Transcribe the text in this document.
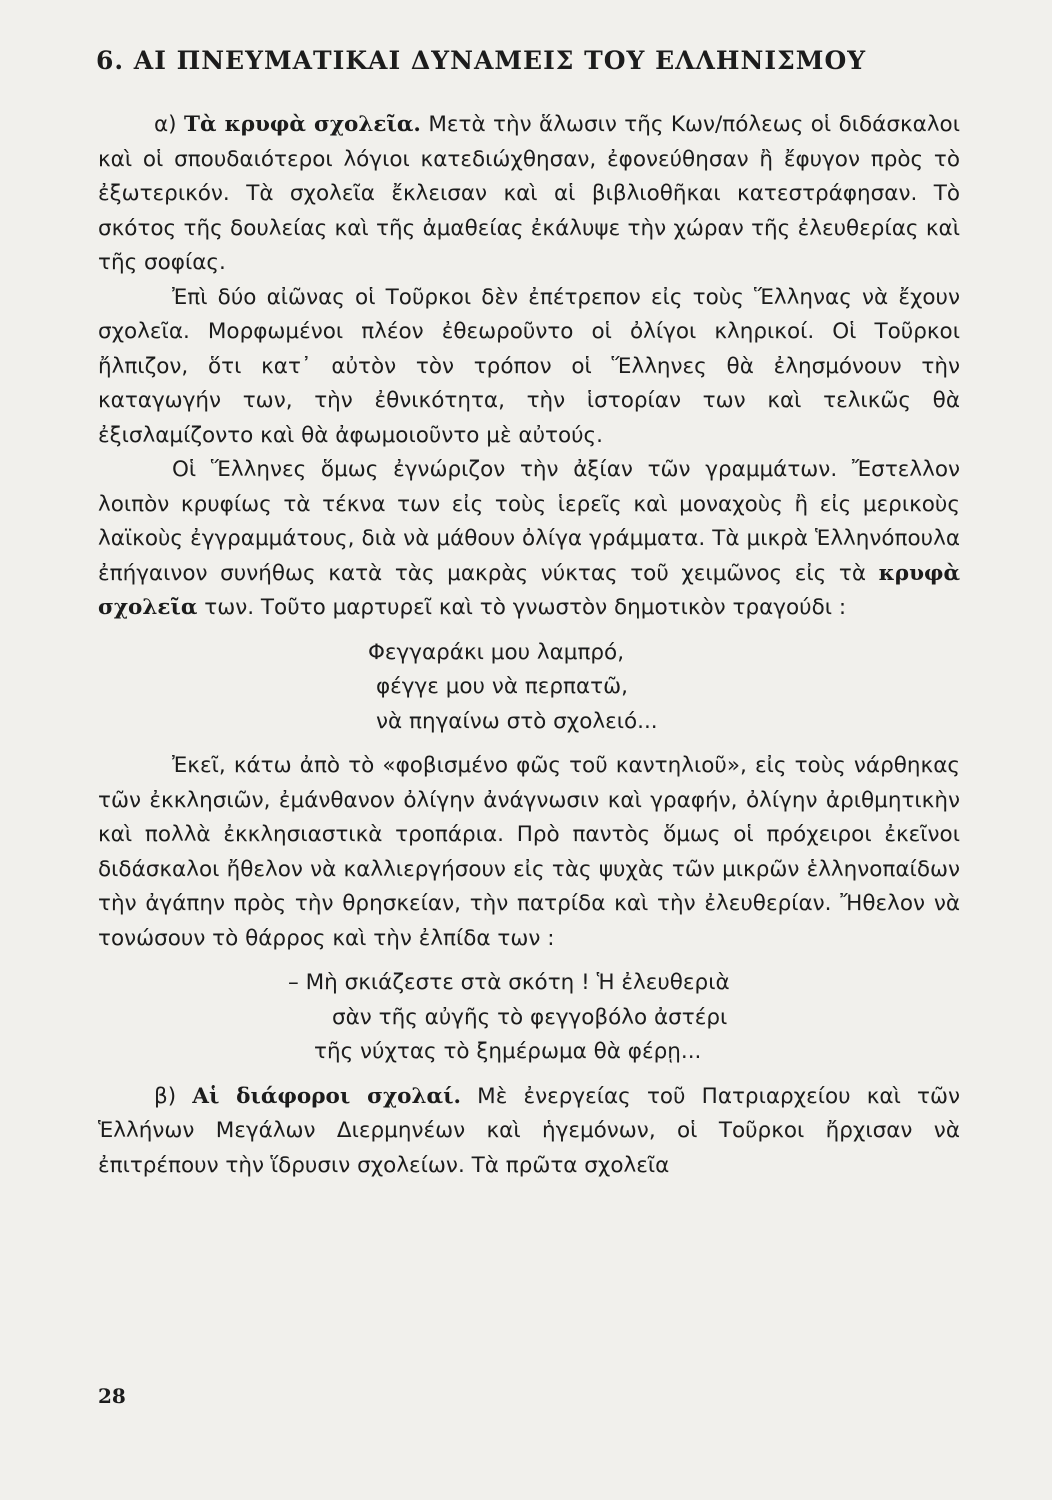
6. ΑΙ ΠΝΕΥΜΑΤΙΚΑΙ ΔΥΝΑΜΕΙΣ ΤΟΥ ΕΛΛΗΝΙΣΜΟΥ

α) Τὰ κρυφὰ σχολεῖα. Μετὰ τὴν ἅλωσιν τῆς Κων/πόλεως οἱ διδάσκαλοι καὶ οἱ σπουδαιότεροι λόγιοι κατεδιώχθησαν, ἐφονεύθησαν ἢ ἔφυγον πρὸς τὸ ἐξωτερικόν. Τὰ σχολεῖα ἔκλεισαν καὶ αἱ βιβλιοθῆκαι κατεστράφησαν. Τὸ σκότος τῆς δουλείας καὶ τῆς ἀμαθείας ἐκάλυψε τὴν χώραν τῆς ἐλευθερίας καὶ τῆς σοφίας.

Ἐπὶ δύο αἰῶνας οἱ Τοῦρκοι δὲν ἐπέτρεπον εἰς τοὺς Ἕλληνας νὰ ἔχουν σχολεῖα. Μορφωμένοι πλέον ἐθεωροῦντο οἱ ὀλίγοι κληρικοί. Οἱ Τοῦρκοι ἤλπιζον, ὅτι κατ᾽ αὐτὸν τὸν τρόπον οἱ Ἕλληνες θὰ ἐλησμόνουν τὴν καταγωγήν των, τὴν ἐθνικότητα, τὴν ἱστορίαν των καὶ τελικῶς θὰ ἐξισλαμίζοντο καὶ θὰ ἀφωμοιοῦντο μὲ αὐτούς.

Οἱ Ἕλληνες ὅμως ἐγνώριζον τὴν ἀξίαν τῶν γραμμάτων. Ἔστελλον λοιπὸν κρυφίως τὰ τέκνα των εἰς τοὺς ἱερεῖς καὶ μοναχοὺς ἢ εἰς μερικοὺς λαϊκοὺς ἐγγραμμάτους, διὰ νὰ μάθουν ὀλίγα γράμματα. Τὰ μικρὰ Ἑλληνόπουλα ἐπήγαινον συνήθως κατὰ τὰς μακρὰς νύκτας τοῦ χειμῶνος εἰς τὰ κρυφὰ σχολεῖα των. Τοῦτο μαρτυρεῖ καὶ τὸ γνωστὸν δημοτικὸν τραγούδι :

Φεγγαράκι μου λαμπρό,
φέγγε μου νὰ περπατῶ,
νὰ πηγαίνω στὸ σχολειό...

Ἐκεῖ, κάτω ἀπὸ τὸ «φοβισμένο φῶς τοῦ καντηλιοῦ», εἰς τοὺς νάρθηκας τῶν ἐκκλησιῶν, ἐμάνθανον ὀλίγην ἀνάγνωσιν καὶ γραφήν, ὀλίγην ἀριθμητικὴν καὶ πολλὰ ἐκκλησιαστικὰ τροπάρια. Πρὸ παντὸς ὅμως οἱ πρόχειροι ἐκεῖνοι διδάσκαλοι ἤθελον νὰ καλλιεργήσουν εἰς τὰς ψυχὰς τῶν μικρῶν ἑλληνοπαίδων τὴν ἀγάπην πρὸς τὴν θρησκείαν, τὴν πατρίδα καὶ τὴν ἐλευθερίαν. Ἤθελον νὰ τονώσουν τὸ θάρρος καὶ τὴν ἐλπίδα των :

– Μὴ σκιάζεστε στὰ σκότη ! Ἡ ἐλευθεριὰ
σὰν τῆς αὐγῆς τὸ φεγγοβόλο ἀστέρι
τῆς νύχτας τὸ ξημέρωμα θὰ φέρῃ...

β) Αἱ διάφοροι σχολαί. Μὲ ἐνεργείας τοῦ Πατριαρχείου καὶ τῶν Ἑλλήνων Μεγάλων Διερμηνέων καὶ ἡγεμόνων, οἱ Τοῦρκοι ἤρχισαν νὰ ἐπιτρέπουν τὴν ἵδρυσιν σχολείων. Τὰ πρῶτα σχολεῖα

28
